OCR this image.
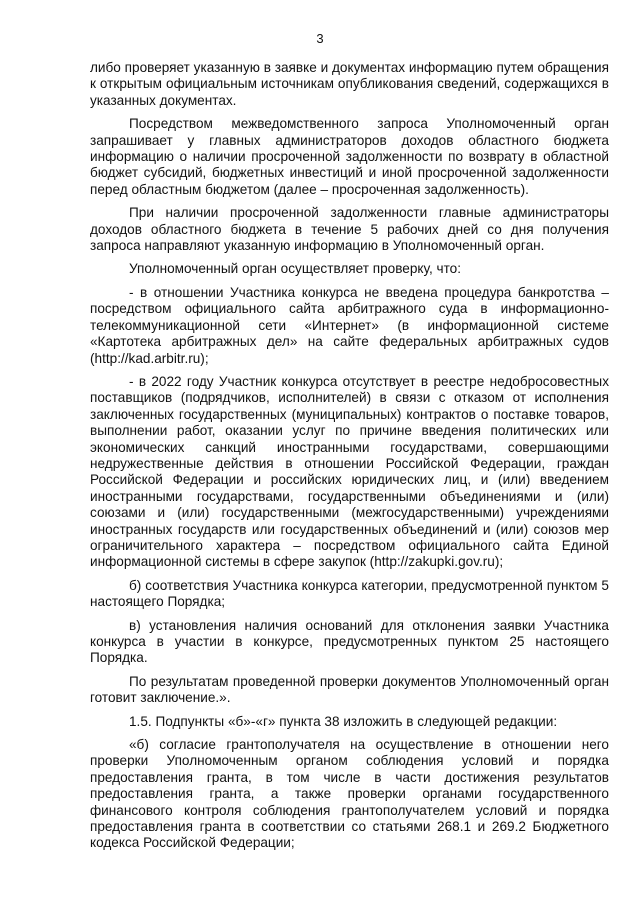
3

либо проверяет указанную в заявке и документах информацию путем обращения к открытым официальным источникам опубликования сведений, содержащихся в указанных документах.

Посредством межведомственного запроса Уполномоченный орган запрашивает у главных администраторов доходов областного бюджета информацию о наличии просроченной задолженности по возврату в областной бюджет субсидий, бюджетных инвестиций и иной просроченной задолженности перед областным бюджетом (далее – просроченная задолженность).

При наличии просроченной задолженности главные администраторы доходов областного бюджета в течение 5 рабочих дней со дня получения запроса направляют указанную информацию в Уполномоченный орган.

Уполномоченный орган осуществляет проверку, что:

- в отношении Участника конкурса не введена процедура банкротства – посредством официального сайта арбитражного суда в информационно-телекоммуникационной сети «Интернет» (в информационной системе «Картотека арбитражных дел» на сайте федеральных арбитражных судов (http://kad.arbitr.ru);

- в 2022 году Участник конкурса отсутствует в реестре недобросовестных поставщиков (подрядчиков, исполнителей) в связи с отказом от исполнения заключенных государственных (муниципальных) контрактов о поставке товаров, выполнении работ, оказании услуг по причине введения политических или экономических санкций иностранными государствами, совершающими недружественные действия в отношении Российской Федерации, граждан Российской Федерации и российских юридических лиц, и (или) введением иностранными государствами, государственными объединениями и (или) союзами и (или) государственными (межгосударственными) учреждениями иностранных государств или государственных объединений и (или) союзов мер ограничительного характера – посредством официального сайта Единой информационной системы в сфере закупок (http://zakupki.gov.ru);

б) соответствия Участника конкурса категории, предусмотренной пунктом 5 настоящего Порядка;

в) установления наличия оснований для отклонения заявки Участника конкурса в участии в конкурсе, предусмотренных пунктом 25 настоящего Порядка.

По результатам проведенной проверки документов Уполномоченный орган готовит заключение.».

1.5. Подпункты «б»-«г» пункта 38 изложить в следующей редакции:

«б) согласие грантополучателя на осуществление в отношении него проверки Уполномоченным органом соблюдения условий и порядка предоставления гранта, в том числе в части достижения результатов предоставления гранта, а также проверки органами государственного финансового контроля соблюдения грантополучателем условий и порядка предоставления гранта в соответствии со статьями 268.1 и 269.2 Бюджетного кодекса Российской Федерации;
